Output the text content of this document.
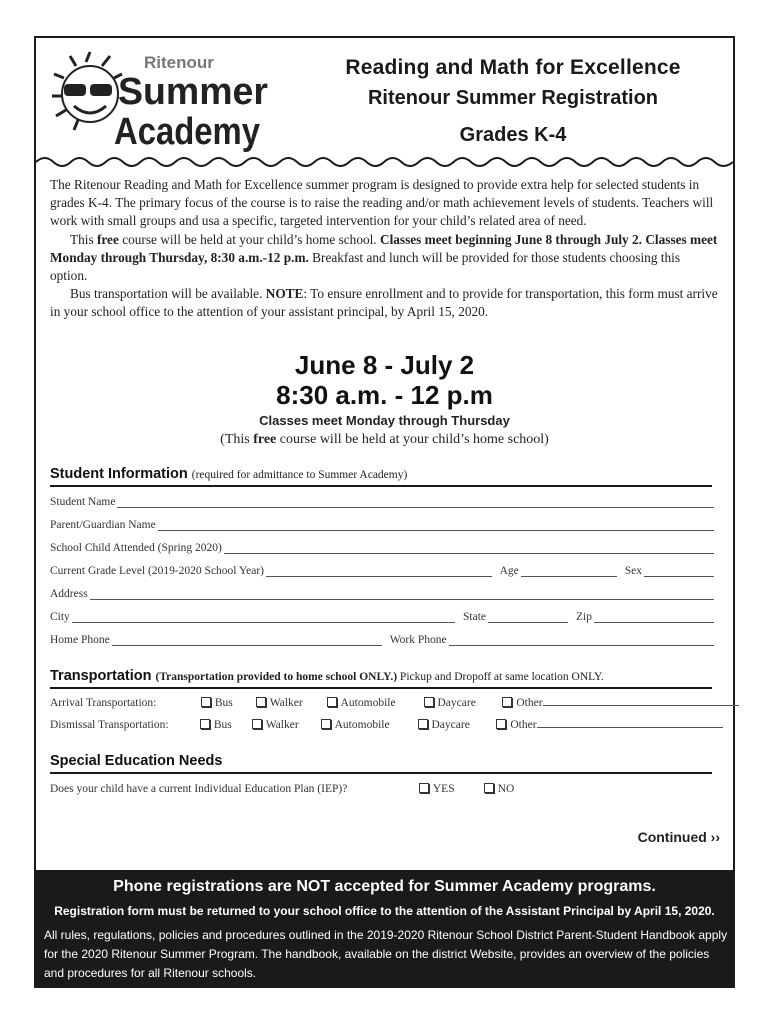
Ritenour
Summer
Academy
Reading and Math for Excellence
Ritenour Summer Registration
Grades K-4

The Ritenour Reading and Math for Excellence summer program is designed to provide extra help for selected students in grades K-4. The primary focus of the course is to raise the reading and/or math achievement levels of students. Teachers will work with small groups and usa a specific, targeted intervention for your child’s related area of need.

This free course will be held at your child’s home school. Classes meet beginning June 8 through July 2. Classes meet Monday through Thursday, 8:30 a.m.-12 p.m. Breakfast and lunch will be provided for those students choosing this option.

Bus transportation will be available. NOTE: To ensure enrollment and to provide for transportation, this form must arrive in your school office to the attention of your assistant principal, by April 15, 2020.

June 8 - July 2
8:30 a.m. - 12 p.m
Classes meet Monday through Thursday
(This free course will be held at your child’s home school)
Student Information (required for admittance to Summer Academy)
Student Name
Parent/Guardian Name
School Child Attended (Spring 2020)
Current Grade Level (2019-2020 School Year)	Age	Sex
Address
City	State	Zip
Home Phone	Work Phone
Transportation (Transportation provided to home school ONLY.) Pickup and Dropoff at same location ONLY.
Arrival Transportation:	Bus	Walker	Automobile	Daycare	Other
Dismissal Transportation:	Bus	Walker	Automobile	Daycare	Other
Special Education Needs
Does your child have a current Individual Education Plan (IEP)?	YES	NO
Continued ››
Phone registrations are NOT accepted for Summer Academy programs.
Registration form must be returned to your school office to the attention of the Assistant Principal by April 15, 2020.
All rules, regulations, policies and procedures outlined in the 2019-2020 Ritenour School District Parent-Student Handbook apply for the 2020 Ritenour Summer Program. The handbook, available on the district Website, provides an overview of the policies and procedures for all Ritenour schools.
